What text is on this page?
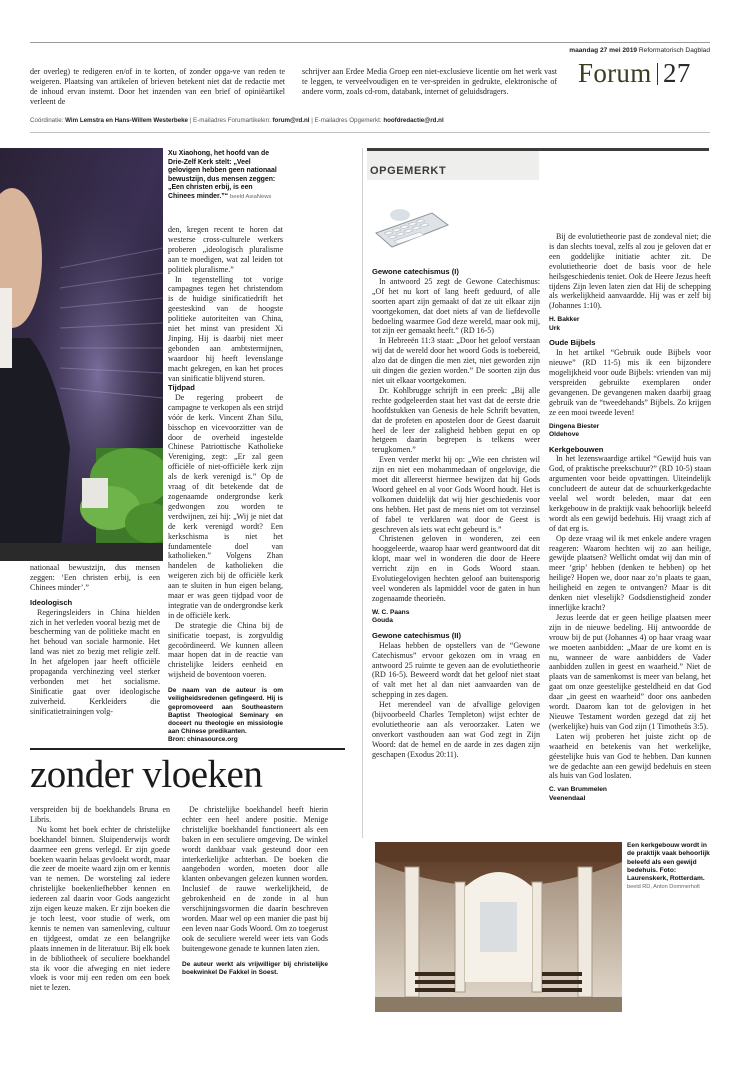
maandag 27 mei 2019 Reformatorisch Dagblad
Forum 27
der overleg) te redigeren en/of in te korten, of zonder opga-ve van reden te weigeren. Plaatsing van artikelen of brieven betekent niet dat de redactie met de inhoud ervan instemt. Door het inzenden van een brief of opiniëartikel verleent de
schrijver aan Erdee Media Groep een niet-exclusieve licentie om het werk vast te leggen, te verveelvoudigen en te ver-spreiden in gedrukte, elektronische of andere vorm, zoals cd-rom, databank, internet of geluidsdragers.
Coördinatie: Wim Lemstra en Hans-Willem Westerbeke | E-mailadres Forumartikelen: forum@rd.nl | E-mailadres Opgemerkt: hoofdredactie@rd.nl
Xu Xiaohong, het hoofd van de Drie-Zelf Kerk stelt: „Veel gelovigen hebben geen nationaal bewustzijn, dus mensen zeggen: „Een christen erbij, is een Chinees minder.”“ beeld AsiaNews

den, kregen recent te horen dat westerse cross-culturele werkers proberen „ideologisch pluralisme aan te moedigen, wat zal leiden tot politiek pluralisme.”

In tegenstelling tot vorige campagnes tegen het christendom is de huidige sinificatiedrift het geesteskind van de hoogste politieke autoriteiten van China, niet het minst van president Xi Jinping. Hij is daarbij niet meer gebonden aan ambtstermijnen, waardoor hij heeft levenslange macht gekregen, en kan het proces van sinificatie blijvend sturen.

Tijdpad

De regering probeert de campagne te verkopen als een strijd vóór de kerk. Vincent Zhan Silu, bisschop en vicevoorzitter van de door de overheid ingestelde Chinese Patriottische Katholieke Vereniging, zegt: „Er zal geen officiële of niet-officiële kerk zijn als de kerk verenigd is.” Op de vraag of dit betekende dat de zogenaamde ondergrondse kerk gedwongen zou worden te verdwijnen, zei hij: „Wij je niet dat de kerk verenigd wordt? Een kerkschisma is niet het fundamentele doel van katholieken.” Volgens Zhan handelen de katholieken die weigeren zich bij de officiële kerk aan te sluiten in hun eigen belang, maar er was geen tijdpad voor de integratie van de ondergrondse kerk in de officiële kerk.

De strategie die China bij de sinificatie toepast, is zorgvuldig gecoördineerd. We kunnen alleen maar hopen dat in de reactie van christelijke leiders eenheid en wijsheid de boventoon voeren.

De naam van de auteur is om veiligheidsredenen gefingeerd. Hij is gepromoveerd aan Southeastern Baptist Theological Seminary en doceert nu theologie en missiologie aan Chinese predikanten.
Bron: chinasource.org

nationaal bewustzijn, dus mensen zeggen: ‘Een christen erbij, is een Chinees minder’.”

Ideologisch

Regeringsleiders in China hielden zich in het verleden vooral bezig met de bescherming van de politieke macht en het behoud van sociale harmonie. Het land was niet zo bezig met religie zelf. In het afgelopen jaar heeft officiële propaganda verchinezing veel sterker verbonden met het socialisme. Sinificatie gaat over ideologische zuiverheid. Kerkleiders die sinificatietrainingen volg-

OPGEMERKT
Gewone catechismus (I)

In antwoord 25 zegt de Gewone Catechismus: „Of het nu kort of lang heeft geduurd, of alle soorten apart zijn gemaakt of dat ze uit elkaar zijn voortgekomen, dat doet niets af van de liefdevolle bedoeling waarmee God deze wereld, maar ook mij, tot zijn eer gemaakt heeft.” (RD 16-5)

In Hebreeën 11:3 staat: „Door het geloof verstaan wij dat de wereld door het woord Gods is toebereid, alzo dat de dingen die men ziet, niet geworden zijn uit dingen die gezien worden.” De soorten zijn dus niet uit elkaar voortgekomen.

Dr. Kohlbrugge schrijft in een preek: „Bij alle rechte godgeleerden staat het vast dat de eerste drie hoofdstukken van Genesis de hele Schrift bevatten, dat de profeten en apostelen door de Geest daaruit heel de leer der zaligheid hebben geput en op hetgeen daarin begrepen is telkens weer terugkomen.”

Even verder merkt hij op: „Wie een christen wil zijn en niet een mohammedaan of ongelovige, die moet dit allereerst hiermee bewijzen dat hij Gods Woord geheel en al voor Gods Woord houdt. Het is volkomen duidelijk dat wij hier geschiedenis voor ons hebben. Het past de mens niet om tot verzinsel of fabel te verklaren wat door de Geest is geschreven als iets wat echt gebeurd is.”

Christenen geloven in wonderen, zei een hooggeleerde, waarop haar werd geantwoord dat dit klopt, maar wel in wonderen die door de Heere verricht zijn en in Gods Woord staan. Evolutiegelovigen hechten geloof aan buitensporig veel wonderen als lapmiddel voor de gaten in hun zogenaamde theorieën.

W. C. Paans
Gouda
Gewone catechismus (II)

Helaas hebben de opstellers van de “Gewone Catechismus” ervoor gekozen om in vraag en antwoord 25 ruimte te geven aan de evolutietheorie (RD 16-5). Beweerd wordt dat het geloof niet staat of valt met het al dan niet aanvaarden van de schepping in zes dagen.

Het merendeel van de afvallige gelovigen (bijvoorbeeld Charles Templeton) wijst echter de evolutietheorie aan als veroorzaker. Laten we onverkort vasthouden aan wat God zegt in Zijn Woord: dat de hemel en de aarde in zes dagen zijn geschapen (Exodus 20:11).

Bij de evolutietheorie past de zondeval niet; die is dan slechts toeval, zelfs al zou je geloven dat er een goddelijke initiatie achter zit. De evolutietheorie doet de basis voor de hele heilsgeschiedenis teniet. Ook de Heere Jezus heeft tijdens Zijn leven laten zien dat Hij de schepping als werkelijkheid aanvaardde. Hij was er zelf bij (Johannes 1:10).

H. Bakker
Urk
Oude Bijbels

In het artikel “Gebruik oude Bijbels voor nieuwe” (RD 11-5) mis ik een bijzondere mogelijkheid voor oude Bijbels: vrienden van mij verspreiden gebruikte exemplaren onder gevangenen. De gevangenen maken daarbij graag gebruik van de “tweedehands” Bijbels. Zo krijgen ze een mooi tweede leven!

Dingena Biester
Oldehove
Kerkgebouwen

In het lezenswaardige artikel “Gewijd huis van God, of praktische preekschuur?” (RD 10-5) staan argumenten voor beide opvattingen. Uiteindelijk concludeert de auteur dat de schuurkerkgedachte veelal wel wordt beleden, maar dat een kerkgebouw in de praktijk vaak behoorlijk beleefd wordt als een gewijd bedehuis. Hij vraagt zich af of dat erg is.

Op deze vraag wil ik met enkele andere vragen reageren: Waarom hechten wij zo aan heilige, gewijde plaatsen? Wellicht omdat wij dan min of meer ‘grip’ hebben (denken te hebben) op het heilige? Hopen we, door naar zo’n plaats te gaan, heiligheid en zegen te ontvangen? Maar is dit denken niet vleselijk? Godsdienstigheid zonder innerlijke kracht?

Jezus leerde dat er geen heilige plaatsen meer zijn in de nieuwe bedeling. Hij antwoordde de vrouw bij de put (Johannes 4) op haar vraag waar we moeten aanbidden: „Maar de ure komt en is nu, wanneer de ware aanbidders de Vader aanbidden zullen in geest en waarheid.” Niet de plaats van de samenkomst is meer van belang, het gaat om onze geestelijke gesteldheid en dat God daar „in geest en waarheid” door ons aanbeden wordt. Daarom kan tot de gelovigen in het Nieuwe Testament worden gezegd dat zij het (werkelijke) huis van God zijn (1 Timotheüs 3:5).

Laten wij proberen het juiste zicht op de waarheid en betekenis van het werkelijke, géestelijke huis van God te hebben. Dan kunnen we de gedachte aan een gewijd bedehuis en steen als huis van God loslaten.

C. van Brummelen
Veenendaal
zonder vloeken

verspreiden bij de boekhandels Bruna en Libris.

Nu komt het boek echter de christelijke boekhandel binnen. Sluipenderwijs wordt daarmee een grens verlegd. Er zijn goede boeken waarin helaas gevloekt wordt, maar die zeer de moeite waard zijn om er kennis van te nemen. De worsteling zal iedere christelijke boekenliefhebber kennen en iedereen zal daarin voor Gods aangezicht zijn eigen keuze maken. Er zijn boeken die je toch leest, voor studie of werk, om kennis te nemen van samenleving, cultuur en tijdgeest, omdat ze een belangrijke plaats innemen in de literatuur. Bij elk boek in de bibliotheek of seculiere boekhandel sta ik voor die afweging en niet iedere vloek is voor mij een reden om een boek niet te lezen.

De christelijke boekhandel heeft hierin echter een heel andere positie. Menige christelijke boekhandel functioneert als een baken in een seculiere omgeving. De winkel wordt dankbaar vaak gesteund door een interkerkelijke achterban. De boeken die aangeboden worden, moeten door alle klanten onbevangen gelezen kunnen worden. Inclusief de rauwe werkelijkheid, de gebrokenheid en de zonde in al hun verschijningsvormen die daarin beschreven worden. Maar wel op een manier die past bij een leven naar Gods Woord. Om zo toegerust ook de seculiere wereld weer iets van Gods buitengewone genade te kunnen laten zien.

De auteur werkt als vrijwilliger bij christelijke boekwinkel De Fakkel in Soest.
Een kerkgebouw wordt in de praktijk vaak behoorlijk beleefd als een gewijd bedehuis. Foto: Laurenskerk, Rotterdam. beeld RD, Anton Dommerholt
